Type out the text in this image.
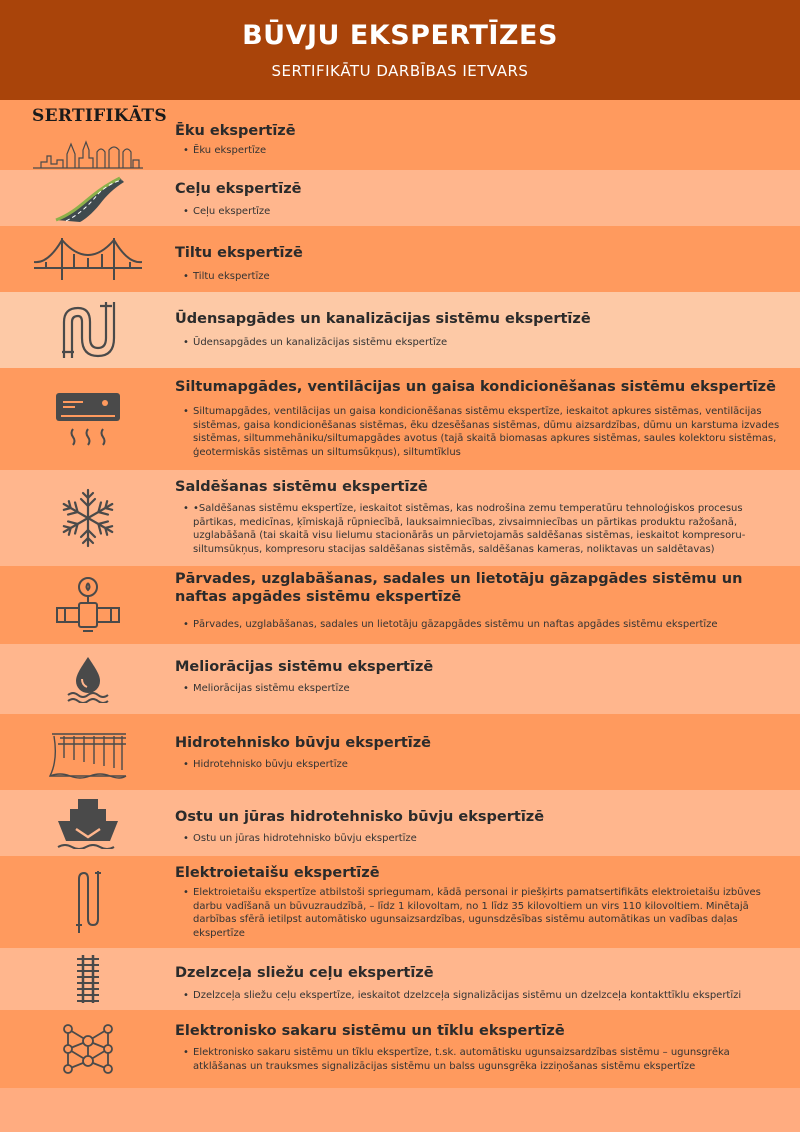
BŪVJU EKSPERTĪZES
SERTIFIKĀTU DARBĪBAS IETVARS
Ēku ekspertīzē
• Ēku ekspertīze
SERTIFIKĀTS
Ceļu ekspertīzē
• Ceļu ekspertīze
Tiltu ekspertīzē
• Tiltu ekspertīze
Ūdensapgādes un kanalizācijas sistēmu ekspertīzē
• Ūdensapgādes un kanalizācijas sistēmu ekspertīze
Siltumapgādes, ventilācijas un gaisa kondicionēšanas sistēmu ekspertīzē
• Siltumapgādes, ventilācijas un gaisa kondicionēšanas sistēmu ekspertīze, ieskaitot apkures sistēmas, ventilācijas sistēmas, gaisa kondicionēšanas sistēmas, ēku dzesēšanas sistēmas, dūmu aizsardzības, dūmu un karstuma izvades sistēmas, siltummehāniku/siltumapgādes avotus (tajā skaitā biomasas apkures sistēmas, saules kolektoru sistēmas, ģeotermiskās sistēmas un siltumsūkņus), siltumtīklus
Saldēšanas sistēmu ekspertīzē
• •Saldēšanas sistēmu ekspertīze, ieskaitot sistēmas, kas nodrošina zemu temperatūru tehnoloģiskos procesus pārtikas, medicīnas, ķīmiskajā rūpniecībā, lauksaimniecības, zivsaimniecības un pārtikas produktu ražošanā, uzglabāšanā (tai skaitā visu lielumu stacionārās un pārvietojamās saldēšanas sistēmas, ieskaitot kompresoru-siltumsūkņus, kompresoru stacijas saldēšanas sistēmās, saldēšanas kameras, noliktavas un saldētavas)
Pārvades, uzglabāšanas, sadales un lietotāju gāzapgādes sistēmu un naftas apgādes sistēmu ekspertīzē
• Pārvades, uzglabāšanas, sadales un lietotāju gāzapgādes sistēmu un naftas apgādes sistēmu ekspertīze
Meliorācijas sistēmu ekspertīzē
• Meliorācijas sistēmu ekspertīze
Hidrotehnisko būvju ekspertīzē
• Hidrotehnisko būvju ekspertīze
Ostu un jūras hidrotehnisko būvju ekspertīzē
• Ostu un jūras hidrotehnisko būvju ekspertīze
Elektroietaišu ekspertīzē
• Elektroietaišu ekspertīze atbilstoši spriegumam, kādā personai ir piešķirts pamatsertifikāts elektroietaišu izbūves darbu vadīšanā un būvuzraudzībā, – līdz 1 kilovoltam, no 1 līdz 35 kilovoltiem un virs 110 kilovoltiem. Minētajā darbības sfērā ietilpst automātisko ugunsaizsardzības, ugunsdzēsības sistēmu automātikas un vadības daļas ekspertīze
Dzelzceļa sliežu ceļu ekspertīzē
• Dzelzceļa sliežu ceļu ekspertīze, ieskaitot dzelzceļa signalizācijas sistēmu un dzelzceļa kontakttīklu ekspertīzi
Elektronisko sakaru sistēmu un tīklu ekspertīzē
• Elektronisko sakaru sistēmu un tīklu ekspertīze, t.sk. automātisku ugunsaizsardzības sistēmu – ugunsgrēka atklāšanas un trauksmes signalizācijas sistēmu un balss ugunsgrēka izziņošanas sistēmu ekspertīze
